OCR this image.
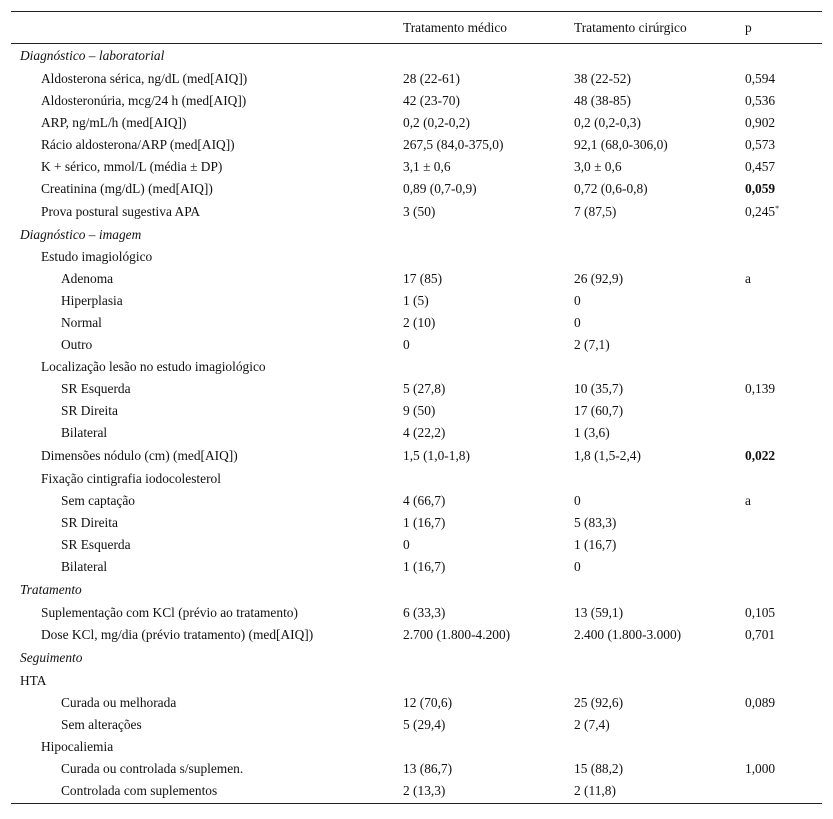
	Tratamento médico	Tratamento cirúrgico	p
Diagnóstico – laboratorial			
Aldosterona sérica, ng/dL (med[AIQ])	28 (22-61)	38 (22-52)	0,594
Aldosteronúria, mcg/24 h (med[AIQ])	42 (23-70)	48 (38-85)	0,536
ARP, ng/mL/h (med[AIQ])	0,2 (0,2-0,2)	0,2 (0,2-0,3)	0,902
Rácio aldosterona/ARP (med[AIQ])	267,5 (84,0-375,0)	92,1 (68,0-306,0)	0,573
K + sérico, mmol/L (média ± DP)	3,1 ± 0,6	3,0 ± 0,6	0,457
Creatinina (mg/dL) (med[AIQ])	0,89 (0,7-0,9)	0,72 (0,6-0,8)	0,059
Prova postural sugestiva APA	3 (50)	7 (87,5)	0,245*
Diagnóstico – imagem			
Estudo imagiológico			
Adenoma	17 (85)	26 (92,9)	a
Hiperplasia	1 (5)	0	
Normal	2 (10)	0	
Outro	0	2 (7,1)	
Localização lesão no estudo imagiológico			
SR Esquerda	5 (27,8)	10 (35,7)	0,139
SR Direita	9 (50)	17 (60,7)	
Bilateral	4 (22,2)	1 (3,6)	
Dimensões nódulo (cm) (med[AIQ])	1,5 (1,0-1,8)	1,8 (1,5-2,4)	0,022
Fixação cintigrafia iodocolesterol			
Sem captação	4 (66,7)	0	a
SR Direita	1 (16,7)	5 (83,3)	
SR Esquerda	0	1 (16,7)	
Bilateral	1 (16,7)	0	
Tratamento			
Suplementação com KCl (prévio ao tratamento)	6 (33,3)	13 (59,1)	0,105
Dose KCl, mg/dia (prévio tratamento) (med[AIQ])	2.700 (1.800-4.200)	2.400 (1.800-3.000)	0,701
Seguimento			
HTA			
Curada ou melhorada	12 (70,6)	25 (92,6)	0,089
Sem alterações	5 (29,4)	2 (7,4)	
Hipocaliemia			
Curada ou controlada s/suplemen.	13 (86,7)	15 (88,2)	1,000
Controlada com suplementos	2 (13,3)	2 (11,8)	
